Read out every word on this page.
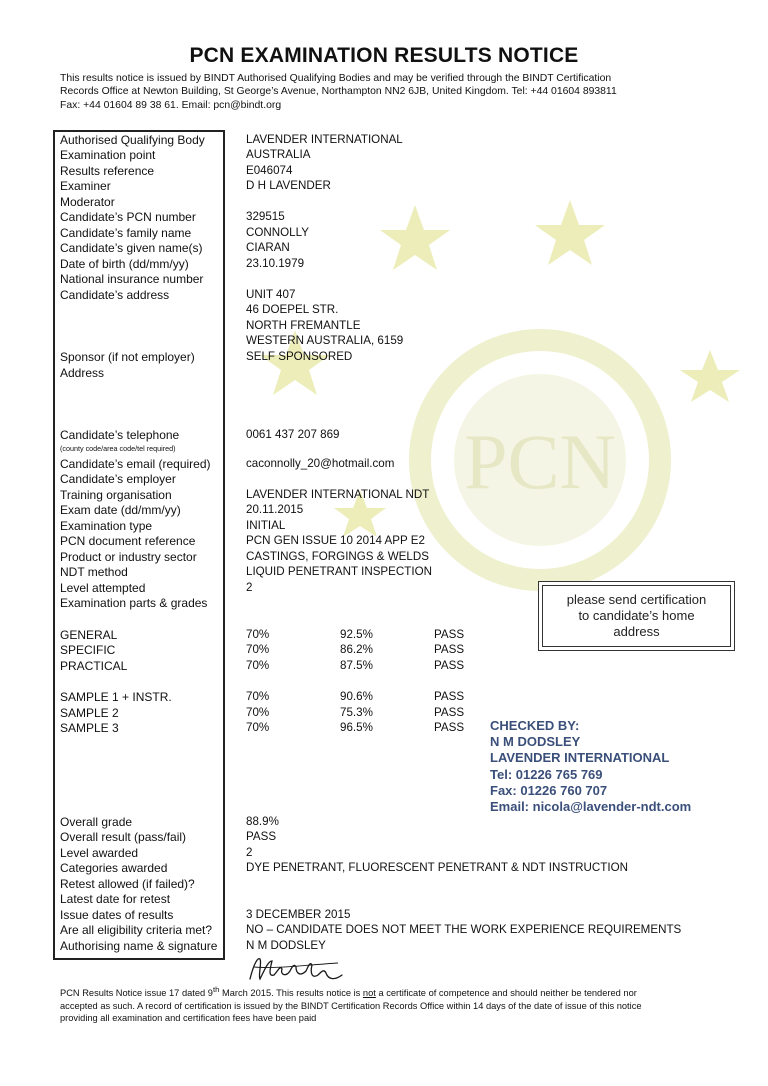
PCN
PCN EXAMINATION RESULTS NOTICE
This results notice is issued by BINDT Authorised Qualifying Bodies and may be verified through the BINDT Certification
Records Office at Newton Building, St George’s Avenue, Northampton NN2 6JB, United Kingdom. Tel: +44 01604 893811
Fax: +44 01604 89 38 61. Email: pcn@bindt.org
Authorised Qualifying Body	LAVENDER INTERNATIONAL
Examination point	AUSTRALIA
Results reference	E046074
Examiner	D H LAVENDER
Moderator
Candidate’s PCN number	329515
Candidate’s family name	CONNOLLY
Candidate’s given name(s)	CIARAN
Date of birth (dd/mm/yy)	23.10.1979
National insurance number
Candidate’s address	UNIT 407
46 DOEPEL STR.
NORTH FREMANTLE
WESTERN AUSTRALIA, 6159
Sponsor (if not employer)	SELF SPONSORED
Address
Candidate’s telephone
(county code/area code/tel required)
0061 437 207 869
Candidate’s email (required)	caconnolly_20@hotmail.com
Candidate’s employer
Training organisation	LAVENDER INTERNATIONAL NDT
Exam date (dd/mm/yy)	20.11.2015
Examination type	INITIAL
PCN document reference	PCN GEN ISSUE 10 2014 APP E2
Product or industry sector	CASTINGS, FORGINGS & WELDS
NDT method	LIQUID PENETRANT INSPECTION
Level attempted	2
Examination parts & grades
GENERAL	70%	92.5%	PASS
SPECIFIC	70%	86.2%	PASS
PRACTICAL	70%	87.5%	PASS
SAMPLE 1 + INSTR.	70%	90.6%	PASS
SAMPLE 2	70%	75.3%	PASS
SAMPLE 3	70%	96.5%	PASS
please send certification
to candidate’s home
address
CHECKED BY:
N M DODSLEY
LAVENDER INTERNATIONAL
Tel: 01226 765 769
Fax: 01226 760 707
Email: nicola@lavender-ndt.com
Overall grade	88.9%
Overall result (pass/fail)	PASS
Level awarded	2
Categories awarded	DYE PENETRANT, FLUORESCENT PENETRANT & NDT INSTRUCTION
Retest allowed (if failed)?
Latest date for retest
Issue dates of results	3 DECEMBER 2015
Are all eligibility criteria met?	NO – CANDIDATE DOES NOT MEET THE WORK EXPERIENCE REQUIREMENTS
Authorising name & signature N M DODSLEY
PCN Results Notice issue 17 dated 9th March 2015. This results notice is not a certificate of competence and should neither be tendered nor
accepted as such. A record of certification is issued by the BINDT Certification Records Office within 14 days of the date of issue of this notice
providing all examination and certification fees have been paid
